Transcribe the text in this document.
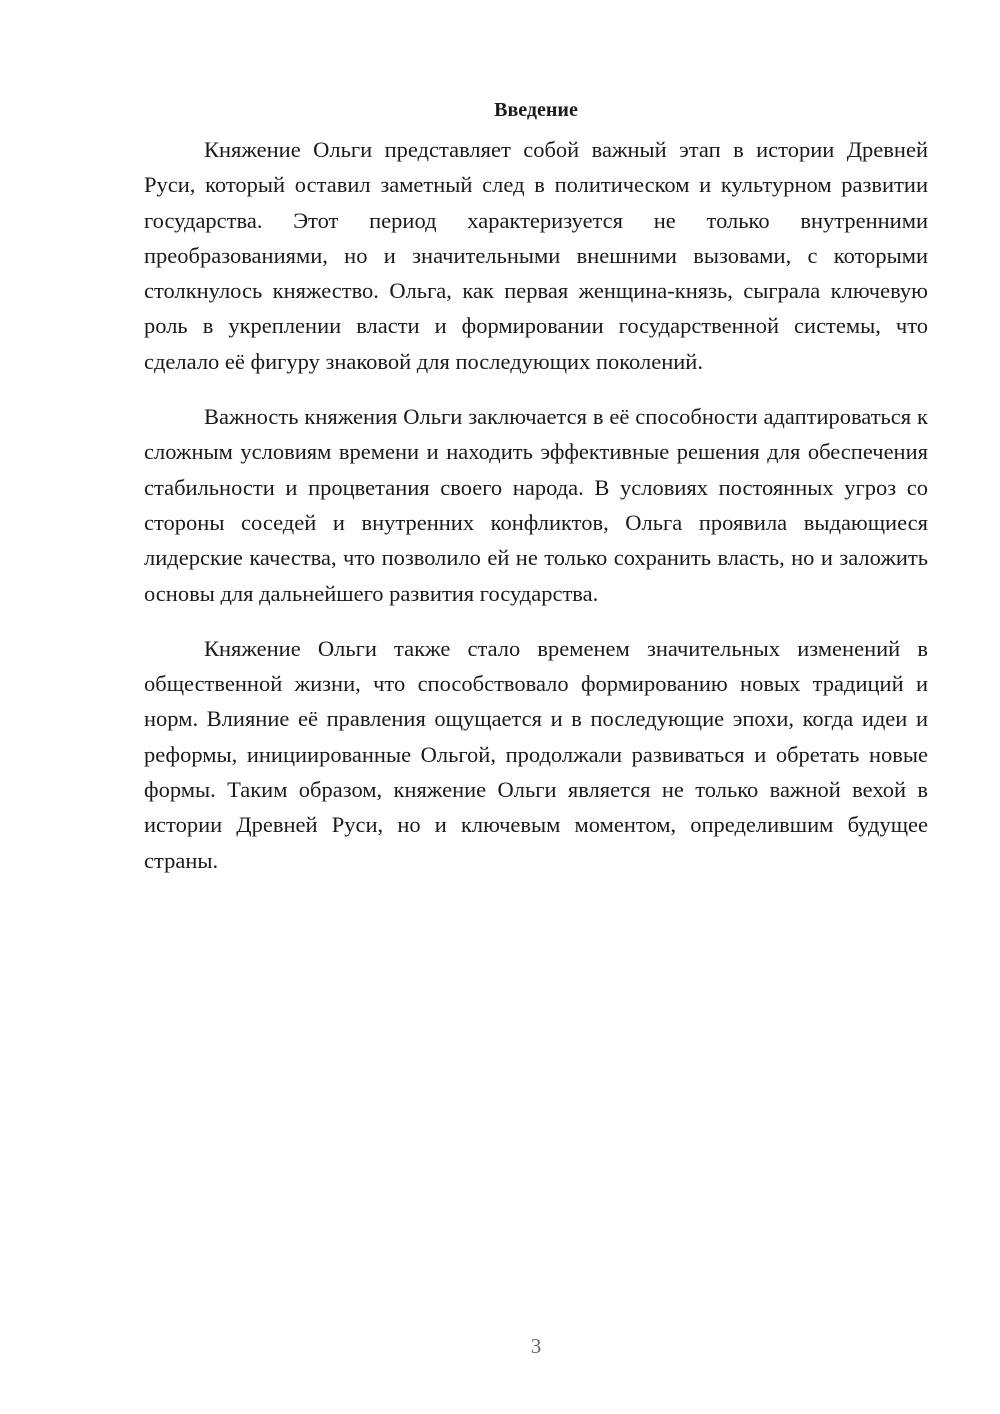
Введение

Княжение Ольги представляет собой важный этап в истории Древней Руси, который оставил заметный след в политическом и культурном развитии государства. Этот период характеризуется не только внутренними преобразованиями, но и значительными внешними вызовами, с которыми столкнулось княжество. Ольга, как первая женщина-князь, сыграла ключевую роль в укреплении власти и формировании государственной системы, что сделало её фигуру знаковой для последующих поколений.

Важность княжения Ольги заключается в её способности адаптироваться к сложным условиям времени и находить эффективные решения для обеспечения стабильности и процветания своего народа. В условиях постоянных угроз со стороны соседей и внутренних конфликтов, Ольга проявила выдающиеся лидерские качества, что позволило ей не только сохранить власть, но и заложить основы для дальнейшего развития государства.

Княжение Ольги также стало временем значительных изменений в общественной жизни, что способствовало формированию новых традиций и норм. Влияние её правления ощущается и в последующие эпохи, когда идеи и реформы, инициированные Ольгой, продолжали развиваться и обретать новые формы. Таким образом, княжение Ольги является не только важной вехой в истории Древней Руси, но и ключевым моментом, определившим будущее страны.

3
